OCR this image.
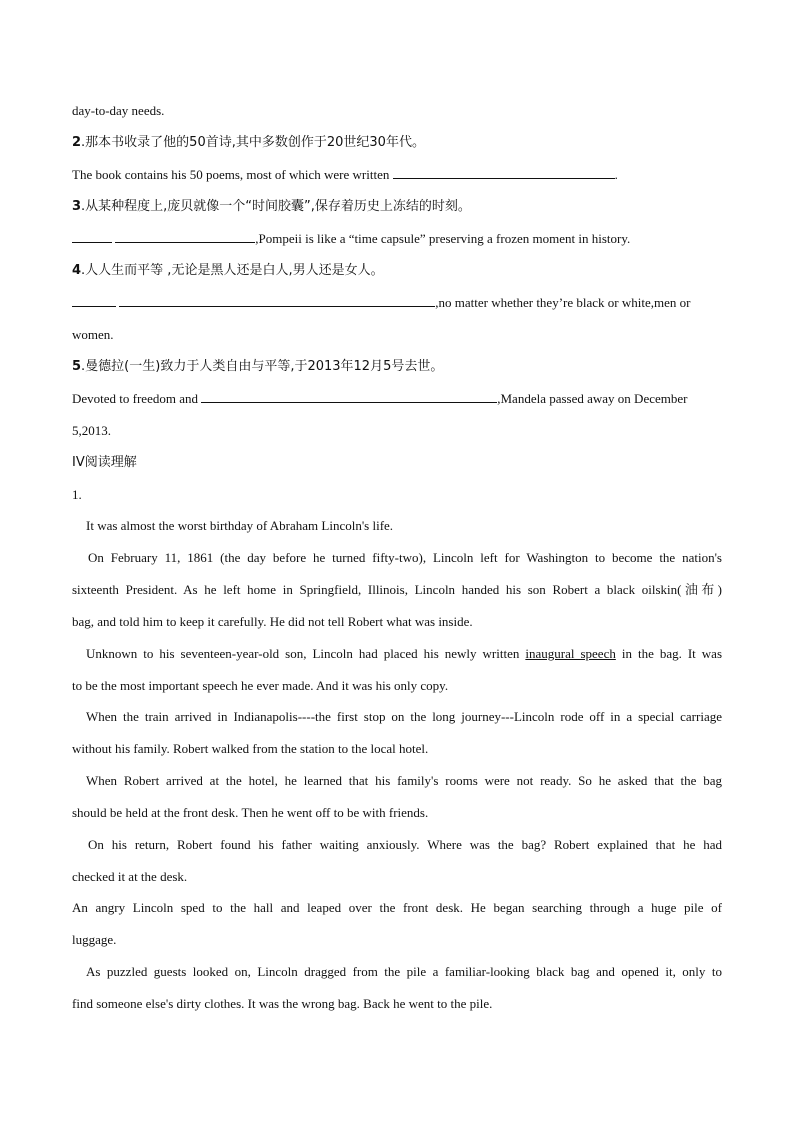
day-to-day needs.
2.那本书收录了他的50首诗,其中多数创作于20世纪30年代。
The book contains his 50 poems, most of which were written	.
3.从某种程度上,庞贝就像一个“时间胶囊”,保存着历史上冻结的时刻。
,Pompeii is like a “time capsule” preserving a frozen moment in history.
4.人人生而平等 ,无论是黑人还是白人,男人还是女人。
,no matter whether they’re black or white,men or
women.
5.曼德拉(一生)致力于人类自由与平等,于2013年12月5号去世。
Devoted to freedom and	,Mandela passed away on December
5,2013.
IV阅读理解
1.
It was almost the worst birthday of Abraham Lincoln's life.
On February 11, 1861 (the day before he turned fifty-two), Lincoln left for Washington to become the nation's
sixteenth President. As he left home in Springfield, Illinois, Lincoln handed his son Robert a black oilskin(油布)
bag, and told him to keep it carefully. He did not tell Robert what was inside.
Unknown to his seventeen-year-old son, Lincoln had placed his newly written inaugural speech in the bag. It was
to be the most important speech he ever made. And it was his only copy.
When the train arrived in Indianapolis----the first stop on the long journey---Lincoln rode off in a special carriage
without his family. Robert walked from the station to the local hotel.
When Robert arrived at the hotel, he learned that his family's rooms were not ready. So he asked that the bag
should be held at the front desk. Then he went off to be with friends.
On his return, Robert found his father waiting anxiously. Where was the bag? Robert explained that he had
checked it at the desk.
An angry Lincoln sped to the hall and leaped over the front desk. He began searching through a huge pile of
luggage.
As puzzled guests looked on, Lincoln dragged from the pile a familiar-looking black bag and opened it, only to
find someone else's dirty clothes. It was the wrong bag. Back he went to the pile.
